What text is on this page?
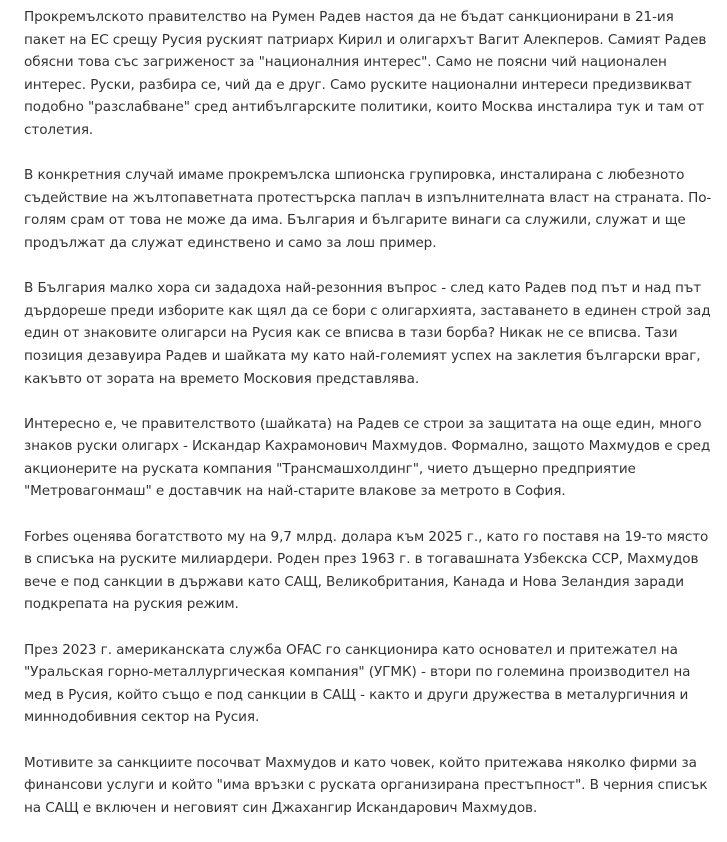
Прокремълското правителство на Румен Радев настоя да не бъдат санкционирани в 21-ия пакет на ЕС срещу Русия руският патриарх Кирил и олигархът Вагит Алекперов. Самият Радев обясни това със загриженост за "националния интерес". Само не поясни чий национален интерес. Руски, разбира се, чий да е друг. Само руските национални интереси предизвикват подобно "разслабване" сред антибългарските политики, които Москва инсталира тук и там от столетия.

В конкретния случай имаме прокремълска шпионска групировка, инсталирана с любезното съдействие на жълтопаветната протестърска паплач в изпълнителната власт на страната. По-голям срам от това не може да има. България и българите винаги са служили, служат и ще продължат да служат единствено и само за лош пример.

В България малко хора си зададоха най-резонния въпрос - след като Радев под път и над път дърдореше преди изборите как щял да се бори с олигархията, заставането в единен строй зад един от знаковите олигарси на Русия как се вписва в тази борба? Никак не се вписва. Тази позиция дезавуира Радев и шайката му като най-големият успех на заклетия български враг, какъвто от зората на времето Московия представлява.

Интересно е, че правителството (шайката) на Радев се строи за защитата на още един, много знаков руски олигарх - Искандар Кахрамонович Махмудов. Формално, защото Махмудов е сред акционерите на руската компания "Трансмашхолдинг", чието дъщерно предприятие "Метровагонмаш" е доставчик на най-старите влакове за метрото в София.

Forbes оценява богатството му на 9,7 млрд. долара към 2025 г., като го поставя на 19-то място в списъка на руските милиардери. Роден през 1963 г. в тогавашната Узбекска ССР, Махмудов вече е под санкции в държави като САЩ, Великобритания, Канада и Нова Зеландия заради подкрепата на руския режим.

През 2023 г. американската служба OFAC го санкционира като основател и притежател на "Уральская горно-металлургическая компания" (УГМК) - втори по големина производител на мед в Русия, който също е под санкции в САЩ - както и други дружества в металургичния и миннодобивния сектор на Русия.

Мотивите за санкциите посочват Махмудов и като човек, който притежава няколко фирми за финансови услуги и който "има връзки с руската организирана престъпност". В черния списък на САЩ е включен и неговият син Джахангир Искандарович Махмудов.
